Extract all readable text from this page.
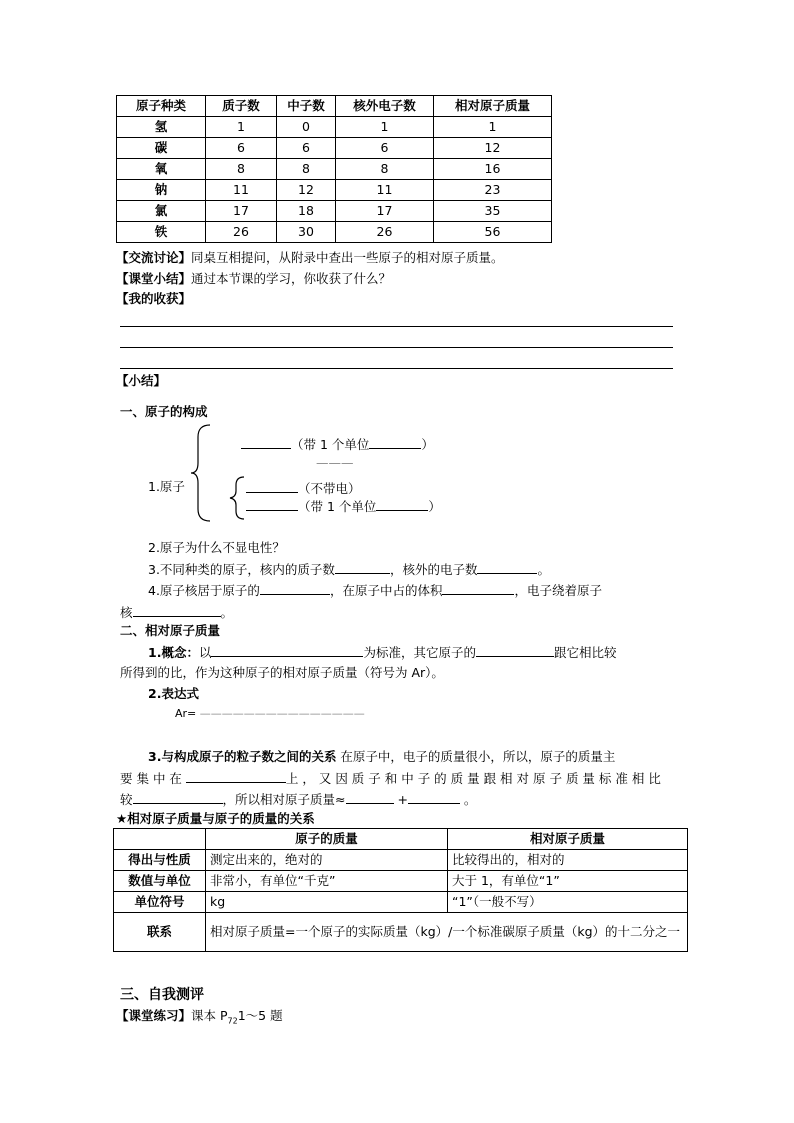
原子种类	质子数	中子数	核外电子数	相对原子质量
氢	1	0	1	1
碳	6	6	6	12
氧	8	8	8	16
钠	11	12	11	23
氯	17	18	17	35
铁	26	30	26	56
【交流讨论】同桌互相提问，从附录中查出一些原子的相对原子质量。
【课堂小结】通过本节课的学习，你收获了什么？
【我的收获】
【小结】
一、原子的构成
（带 1 个单位	）
———
1.原子	（不带电）
（带 1 个单位	）
2.原子为什么不显电性？
3.不同种类的原子，核内的质子数	，核外的电子数	。
4.原子核居于原子的	，在原子中占的体积	，电子绕着原子
核	。
二、相对原子质量
1.概念：以	为标准，其它原子的	跟它相比较
所得到的比，作为这种原子的相对原子质量（符号为 Ar）。
2.表达式
Ar= ———————————————
3.与构成原子的粒子数之间的关系 在原子中，电子的质量很小，所以，原子的质量主
要 集 中 在	上 ， 又 因 质 子 和 中 子 的 质 量 跟 相 对 原 子 质 量 标 准 相 比
较	，所以相对原子质量≈	+	。
★相对原子质量与原子的质量的关系
	原子的质量	相对原子质量
得出与性质	测定出来的，绝对的	比较得出的，相对的
数值与单位	非常小，有单位“千克”	大于 1，有单位“1”
单位符号	kg	“1”（一般不写）
联系	相对原子质量=一个原子的实际质量（kg）/一个标准碳原子质量（kg）的十二分之一	
三、自我测评
【课堂练习】课本 $P_{72}1\sim 5$ 题
